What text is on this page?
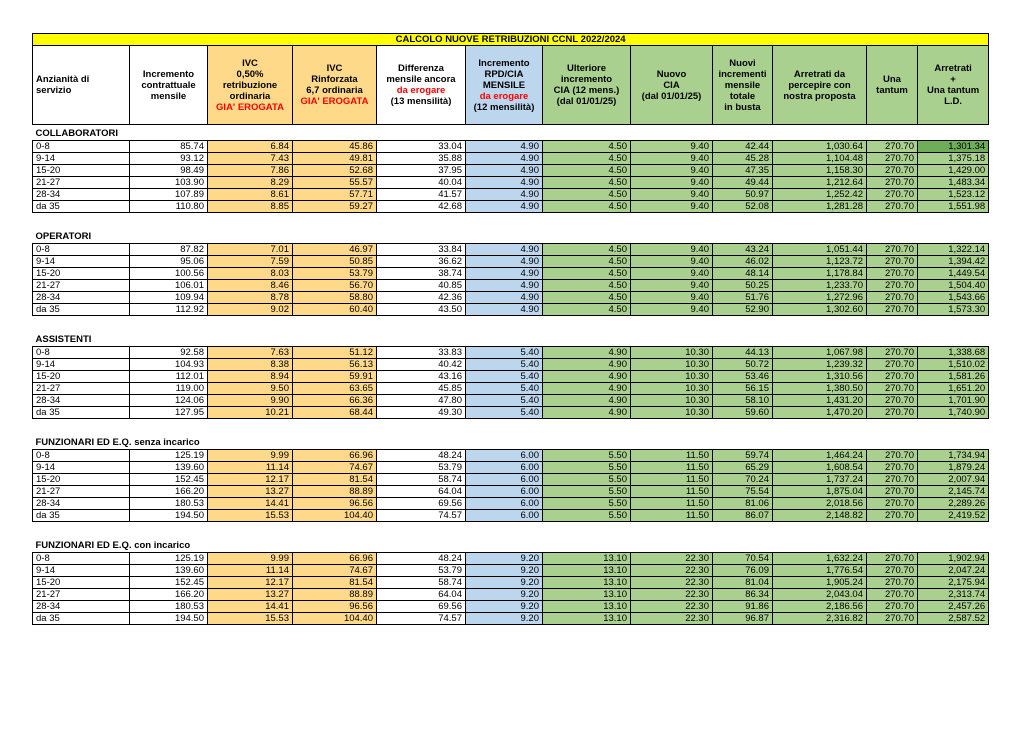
CALCOLO NUOVE RETRIBUZIONI CCNL 2022/2024											
Anzianità di servizio	Incremento
contrattuale
mensile	IVC
0,50%
retribuzione
ordinaria
GIA' EROGATA	IVC
Rinforzata
6,7 ordinaria
GIA' EROGATA	Differenza
mensile ancora
da erogare
(13 mensilità)	Incremento
RPD/CIA
MENSILE
da erogare
(12 mensilità)	Ulteriore
incremento
CIA (12 mens.)
(dal 01/01/25)	Nuovo
CIA
(dal 01/01/25)	Nuovi
incrementi
mensile
totale
in busta	Arretrati da
percepire con
nostra proposta	Una
tantum	Arretrati
+
Una tantum
L.D.
COLLABORATORI											
0-8	85.74	6.84	45.86	33.04	4.90	4.50	9.40	42.44	1,030.64	270.70	1,301.34
9-14	93.12	7.43	49.81	35.88	4.90	4.50	9.40	45.28	1,104.48	270.70	1,375.18
15-20	98.49	7.86	52.68	37.95	4.90	4.50	9.40	47.35	1,158.30	270.70	1,429.00
21-27	103.90	8.29	55.57	40.04	4.90	4.50	9.40	49.44	1,212.64	270.70	1,483.34
28-34	107.89	8.61	57.71	41.57	4.90	4.50	9.40	50.97	1,252.42	270.70	1,523.12
da 35	110.80	8.85	59.27	42.68	4.90	4.50	9.40	52.08	1,281.28	270.70	1,551.98

OPERATORI											
0-8	87.82	7.01	46.97	33.84	4.90	4.50	9.40	43.24	1,051.44	270.70	1,322.14
9-14	95.06	7.59	50.85	36.62	4.90	4.50	9.40	46.02	1,123.72	270.70	1,394.42
15-20	100.56	8.03	53.79	38.74	4.90	4.50	9.40	48.14	1,178.84	270.70	1,449.54
21-27	106.01	8.46	56.70	40.85	4.90	4.50	9.40	50.25	1,233.70	270.70	1,504.40
28-34	109.94	8.78	58.80	42.36	4.90	4.50	9.40	51.76	1,272.96	270.70	1,543.66
da 35	112.92	9.02	60.40	43.50	4.90	4.50	9.40	52.90	1,302.60	270.70	1,573.30

ASSISTENTI											
0-8	92.58	7.63	51.12	33.83	5.40	4.90	10.30	44.13	1,067.98	270.70	1,338.68
9-14	104.93	8.38	56.13	40.42	5.40	4.90	10.30	50.72	1,239.32	270.70	1,510.02
15-20	112.01	8.94	59.91	43.16	5.40	4.90	10.30	53.46	1,310.56	270.70	1,581.26
21-27	119.00	9.50	63.65	45.85	5.40	4.90	10.30	56.15	1,380.50	270.70	1,651.20
28-34	124.06	9.90	66.36	47.80	5.40	4.90	10.30	58.10	1,431.20	270.70	1,701.90
da 35	127.95	10.21	68.44	49.30	5.40	4.90	10.30	59.60	1,470.20	270.70	1,740.90

FUNZIONARI ED E.Q. senza incarico											
0-8	125.19	9.99	66.96	48.24	6.00	5.50	11.50	59.74	1,464.24	270.70	1,734.94
9-14	139.60	11.14	74.67	53.79	6.00	5.50	11.50	65.29	1,608.54	270.70	1,879.24
15-20	152.45	12.17	81.54	58.74	6.00	5.50	11.50	70.24	1,737.24	270.70	2,007.94
21-27	166.20	13.27	88.89	64.04	6.00	5.50	11.50	75.54	1,875.04	270.70	2,145.74
28-34	180.53	14.41	96.56	69.56	6.00	5.50	11.50	81.06	2,018.56	270.70	2,289.26
da 35	194.50	15.53	104.40	74.57	6.00	5.50	11.50	86.07	2,148.82	270.70	2,419.52

FUNZIONARI ED E.Q. con incarico											
0-8	125.19	9.99	66.96	48.24	9.20	13.10	22.30	70.54	1,632.24	270.70	1,902.94
9-14	139.60	11.14	74.67	53.79	9.20	13.10	22.30	76.09	1,776.54	270.70	2,047.24
15-20	152.45	12.17	81.54	58.74	9.20	13.10	22.30	81.04	1,905.24	270.70	2,175.94
21-27	166.20	13.27	88.89	64.04	9.20	13.10	22.30	86.34	2,043.04	270.70	2,313.74
28-34	180.53	14.41	96.56	69.56	9.20	13.10	22.30	91.86	2,186.56	270.70	2,457.26
da 35	194.50	15.53	104.40	74.57	9.20	13.10	22.30	96.87	2,316.82	270.70	2,587.52
